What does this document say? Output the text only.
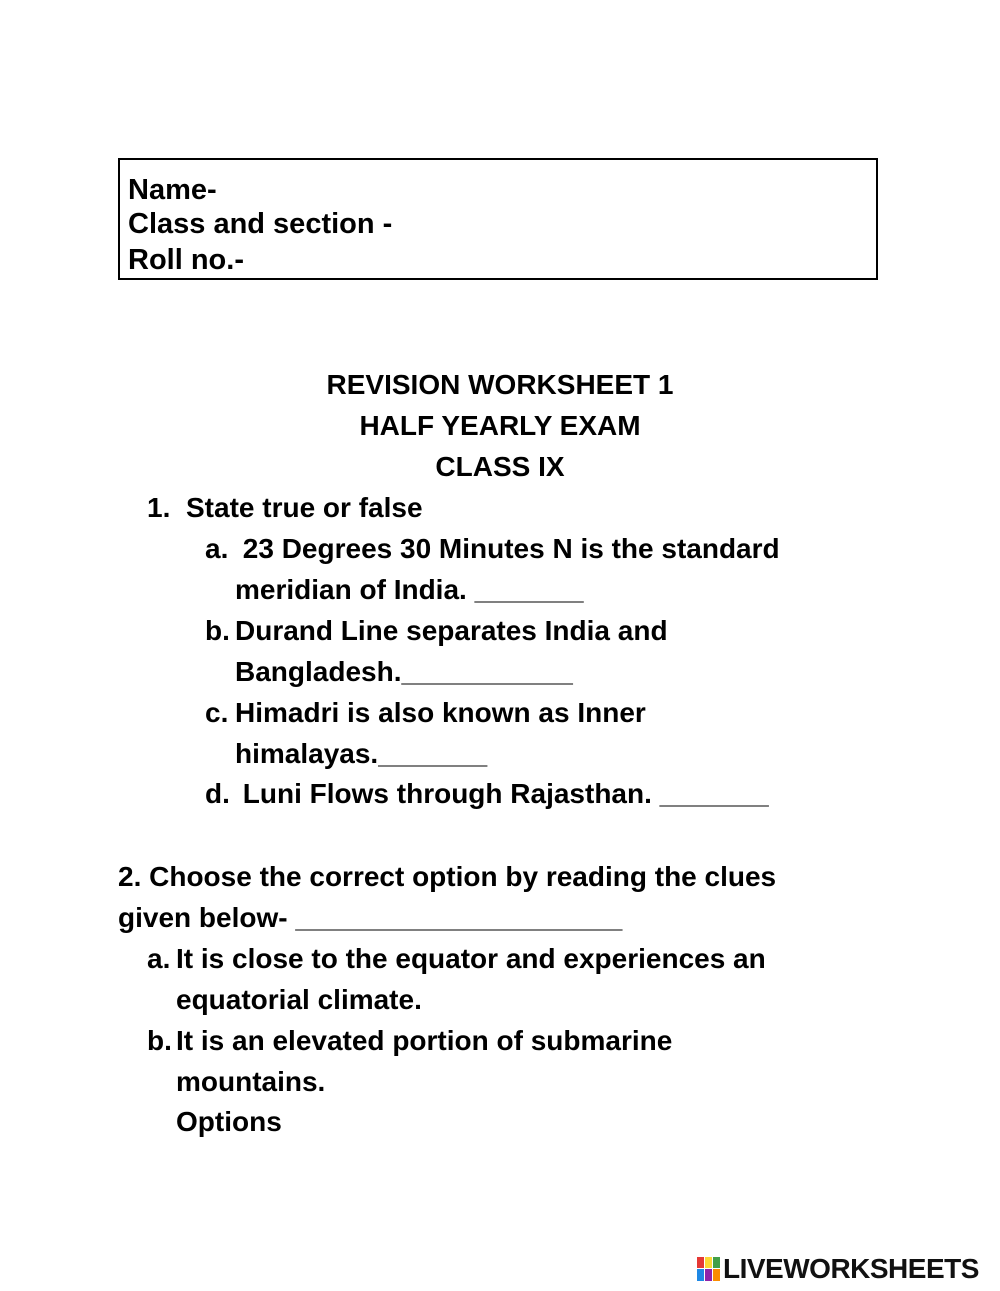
Name-
Class and section -
Roll no.-
REVISION WORKSHEET 1
HALF YEARLY EXAM
CLASS IX
1. State true or false
a. 23 Degrees 30 Minutes N is the standard
meridian of India. _______
b. Durand Line separates India and
Bangladesh.___________
c. Himadri is also known as Inner
himalayas._______
d. Luni Flows through Rajasthan. _______
2. Choose the correct option by reading the clues
given below- _____________________
a. It is close to the equator and experiences an
equatorial climate.
b. It is an elevated portion of submarine
mountains.
Options
LIVEWORKSHEETS
